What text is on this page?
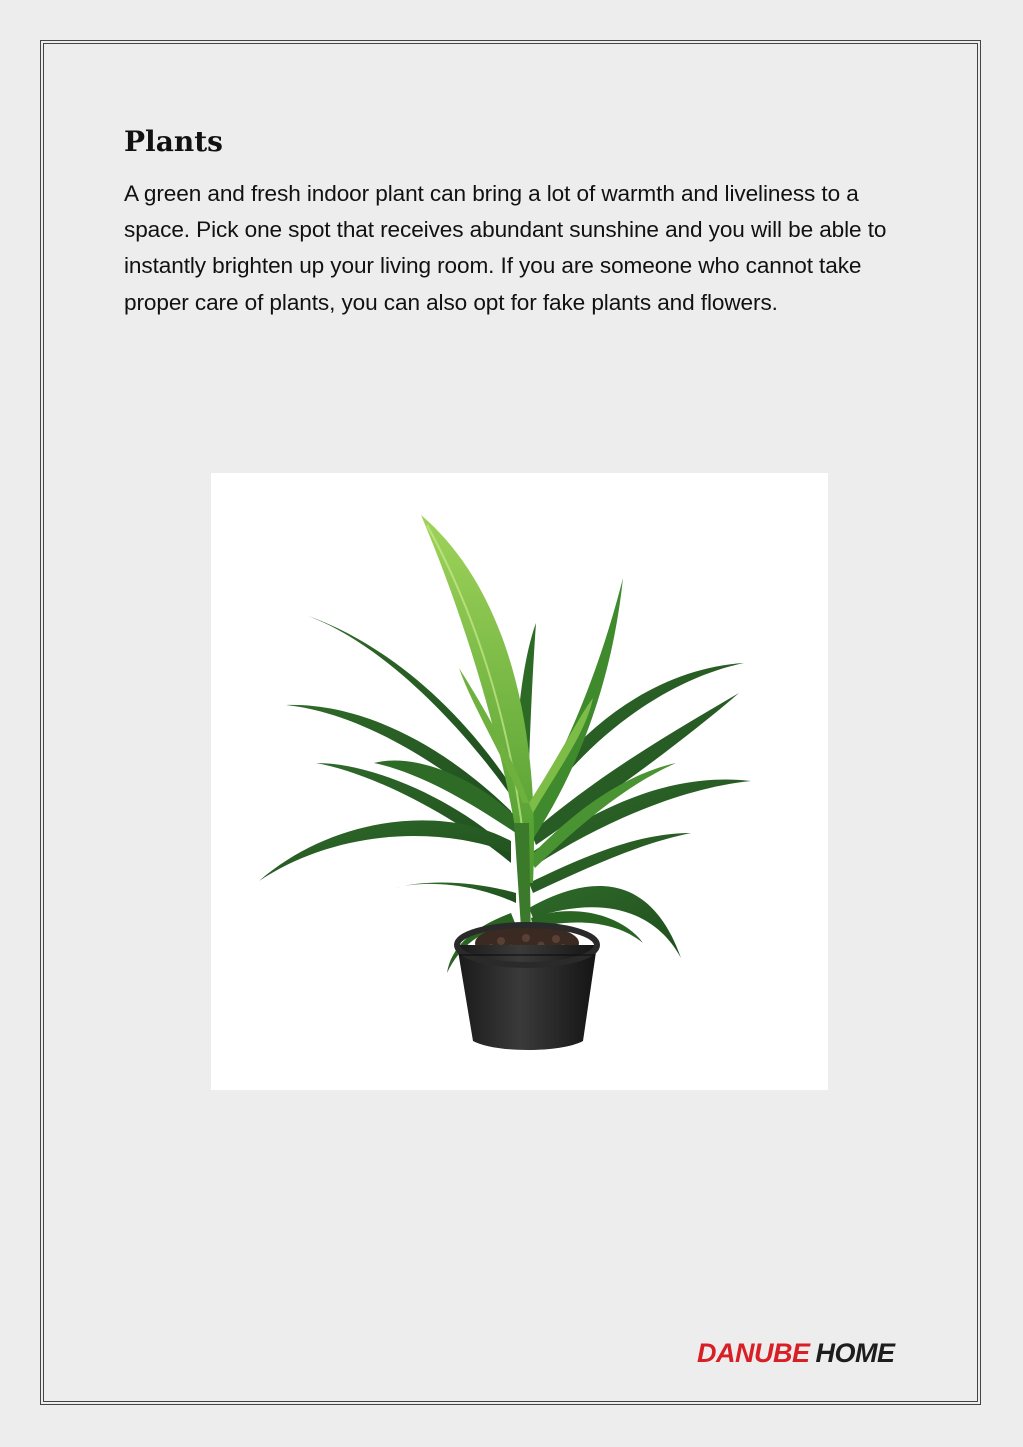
Plants

A green and fresh indoor plant can bring a lot of warmth and liveliness to a space. Pick one spot that receives abundant sunshine and you will be able to instantly brighten up your living room. If you are someone who cannot take proper care of plants, you can also opt for fake plants and flowers.

DANUBE HOME
